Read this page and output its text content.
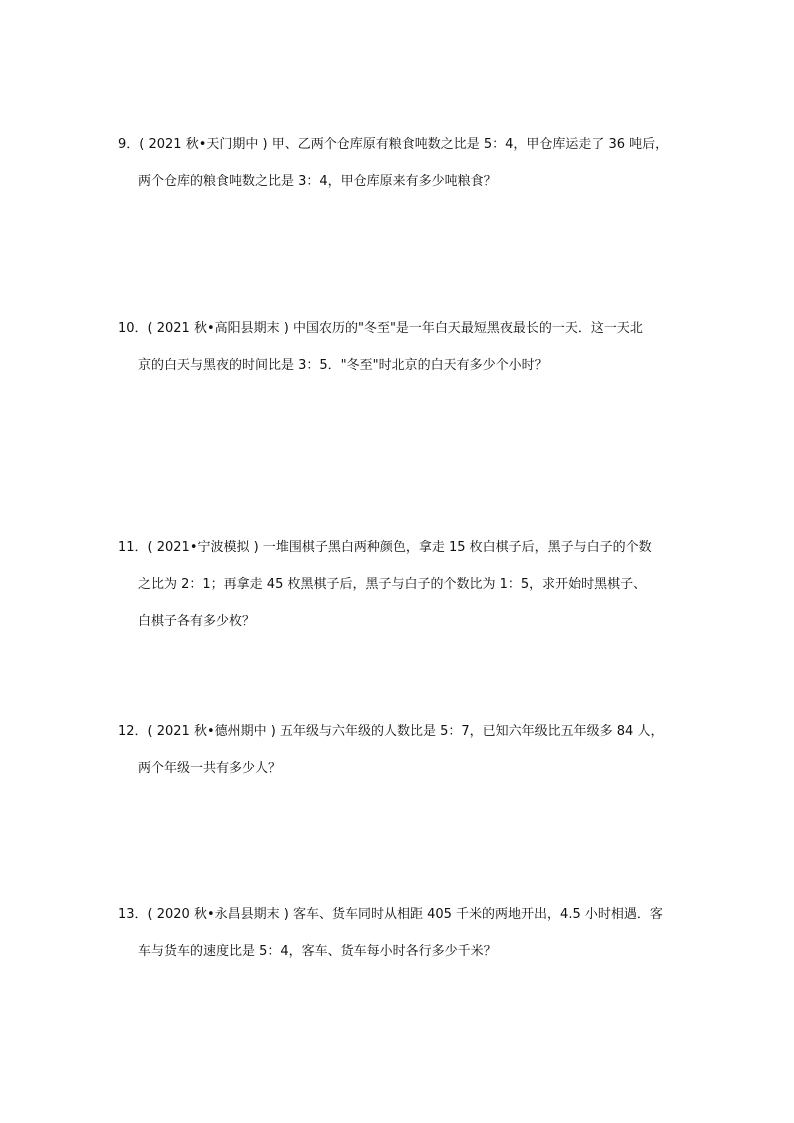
9．( 2021 秋•天门期中 ) 甲、乙两个仓库原有粮食吨数之比是 5：4，甲仓库运走了 36 吨后，
两个仓库的粮食吨数之比是 3：4，甲仓库原来有多少吨粮食？
10．( 2021 秋•高阳县期末 ) 中国农历的"冬至"是一年白天最短黑夜最长的一天．这一天北
京的白天与黑夜的时间比是 3：5．"冬至"时北京的白天有多少个小时？
11．( 2021•宁波模拟 ) 一堆围棋子黑白两种颜色，拿走 15 枚白棋子后，黑子与白子的个数
之比为 2：1；再拿走 45 枚黑棋子后，黑子与白子的个数比为 1：5，求开始时黑棋子、
白棋子各有多少枚？
12．( 2021 秋•德州期中 ) 五年级与六年级的人数比是 5：7，已知六年级比五年级多 84 人，
两个年级一共有多少人？
13．( 2020 秋•永昌县期末 ) 客车、货车同时从相距 405 千米的两地开出，4.5 小时相遇．客
车与货车的速度比是 5：4，客车、货车每小时各行多少千米？
